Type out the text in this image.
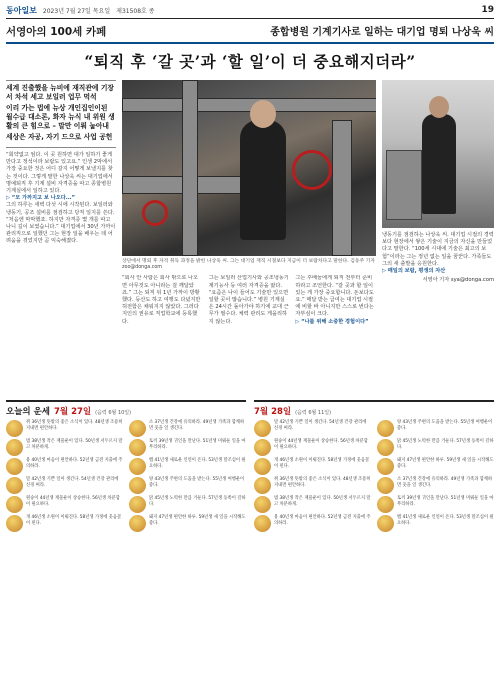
동아일보 2023년 7월 27일 목요일 제31508호 종	19
서영아의 100세 카페	종합병원 기계기사로 일하는 대기업 명퇴 나상욱 씨
“퇴직 후 ‘갈 곳’과 ‘할 일’이 더 중요해지더라”
세계 진출했을 뉴비에 재직관에 기장서 차석 세고 보일러 업무 먹석
이리 가는 법에 뉴상 개인집인이된 월수급 대소론, 화자 뉴식 내 위원 생활의 큰 힘으로 – 말만 이뤄 눕아내
세상은 자공, 자기 드으로 사업 공헌

“회약없고 엄다. 이 곳 원하면 대가 일하기 좋게 만다고 정석이라 보람도 있고요.” 인생 2막에서 가장 중요한 것은 어디 갈지 어떻게 보낼지를 찾는 것이다. 그렇게 말한 나상욱 씨는 대기업에서 명예퇴직 후 기계 설비 자격증을 따고 종합병원 기계실에서 일하고 있다.

▷ “모 가까지고 보 나오다...”

그의 하루는 새벽 다섯 시에 시작된다. 보일러와 냉동기, 공조 설비를 점검하고 당직 일지를 쓴다. “처음엔 막막했죠. 하지만 자격증 몇 개를 따고 나니 길이 보였습니다.” 대기업에서 30년 가까이 관리직으로 일했던 그는 현장 일을 배우는 데 어려움을 겪었지만 곧 익숙해졌다.

상단에서 명퇴 후 자격 취득 과정을 밝힌 나상욱 씨. 그는 대기업 재직 시절보다 지금이 더 보람차다고 말한다. 김동주 기자 zoo@donga.com

“회사 안 사람은 회사 밖으로 나오면 아무것도 아니라는 걸 깨달았죠.” 그는 퇴직 뒤 1년 가까이 방황했다. 등산도 하고 여행도 다녔지만 허전함은 채워지지 않았다. 그러다 지인의 권유로 직업학교에 등록했다.

그는 보일러 산업기사와 공조냉동기계기능사 등 여러 자격증을 땄다. “요즘은 나이 들어도 기술만 있으면 일할 곳이 많습니다.” 병원 기계실은 24시간 돌아가야 하기에 교대 근무가 필수다. 체력 관리도 게을리하지 않는다.

그는 후배들에게 퇴직 전부터 준비하라고 조언한다. “갈 곳과 할 일이 있는 게 가장 중요합니다. 돈보다도요.” 매달 받는 급여는 대기업 시절에 비할 바 아니지만 스스로 번다는 자부심이 크다.

▷ “나를 위해 소중한 경험이다”

냉동기를 점검하는 나상욱 씨. 대기업 시절의 경력보다 현장에서 쌓은 기술이 지금의 자신을 만들었다고 말한다. “100세 시대에 기술은 최고의 보험”이라는 그는 정년 없는 일을 꿈꾼다. 가족들도 그의 새 출발을 응원한다.

▷ 매일의 보람, 평생의 자산

서영아 기자 sya@donga.com

오늘의 운세 7월 27일 (음력 6월 10일)
쥐 36년생 뜻밖의 좋은 소식이 있다. 48년생 조용히 지내면 편안하다.
소 37년생 건강에 유의하라. 49년생 가족과 함께하면 웃을 일 생긴다.
범 38년생 작은 재물운이 있다. 50년생 서두르지 말고 차분하게.
토끼 39년생 귀인을 만난다. 51년생 미뤄둔 일을 마무리하라.
용 40년생 마음이 편안하다. 52년생 금전 지출에 주의하라.
뱀 41년생 새로운 인연이 온다. 53년생 말조심이 필요하다.
말 42년생 기쁜 일이 생긴다. 54년생 건강 관리에 신경 써라.
양 43년생 주변의 도움을 받는다. 55년생 여행운이 좋다.
원숭이 44년생 재물운이 상승한다. 56년생 차분함이 필요하다.
닭 45년생 노력한 만큼 거둔다. 57년생 동쪽이 길하다.
개 46년생 소원이 이뤄진다. 58년생 가정에 웃음꽃이 핀다.
돼지 47년생 편안한 하루. 59년생 새 일을 시작해도 좋다.
7월 28일 (음력 6월 11일)
말 42년생 기쁜 일이 생긴다. 54년생 건강 관리에 신경 써라.
양 43년생 주변의 도움을 받는다. 55년생 여행운이 좋다.
원숭이 44년생 재물운이 상승한다. 56년생 차분함이 필요하다.
닭 45년생 노력한 만큼 거둔다. 57년생 동쪽이 길하다.
개 46년생 소원이 이뤄진다. 58년생 가정에 웃음꽃이 핀다.
돼지 47년생 편안한 하루. 59년생 새 일을 시작해도 좋다.
쥐 36년생 뜻밖의 좋은 소식이 있다. 48년생 조용히 지내면 편안하다.
소 37년생 건강에 유의하라. 49년생 가족과 함께하면 웃을 일 생긴다.
범 38년생 작은 재물운이 있다. 50년생 서두르지 말고 차분하게.
토끼 39년생 귀인을 만난다. 51년생 미뤄둔 일을 마무리하라.
용 40년생 마음이 편안하다. 52년생 금전 지출에 주의하라.
뱀 41년생 새로운 인연이 온다. 53년생 말조심이 필요하다.
